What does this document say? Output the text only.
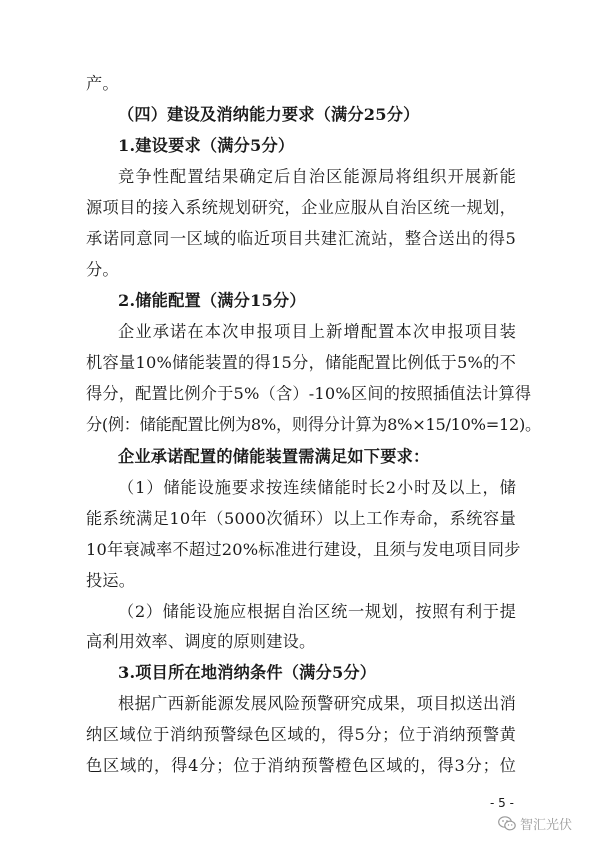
产。
（四）建设及消纳能力要求（满分25分）
1.建设要求（满分5分）
竞争性配置结果确定后自治区能源局将组织开展新能
源项目的接入系统规划研究，企业应服从自治区统一规划，
承诺同意同一区域的临近项目共建汇流站，整合送出的得5
分。
2.储能配置（满分15分）
企业承诺在本次申报项目上新增配置本次申报项目装
机容量10%储能装置的得15分，储能配置比例低于5%的不
得分，配置比例介于5%（含）-10%区间的按照插值法计算得
分(例：储能配置比例为8%，则得分计算为8%×15/10%=12)。
企业承诺配置的储能装置需满足如下要求：
（1）储能设施要求按连续储能时长2小时及以上，储
能系统满足10年（5000次循环）以上工作寿命，系统容量
10年衰减率不超过20%标准进行建设，且须与发电项目同步
投运。
（2）储能设施应根据自治区统一规划，按照有利于提
高利用效率、调度的原则建设。
3.项目所在地消纳条件（满分5分）
根据广西新能源发展风险预警研究成果，项目拟送出消
纳区域位于消纳预警绿色区域的，得5分；位于消纳预警黄
色区域的，得4分；位于消纳预警橙色区域的，得3分；位
- 5 -
智汇光伏
